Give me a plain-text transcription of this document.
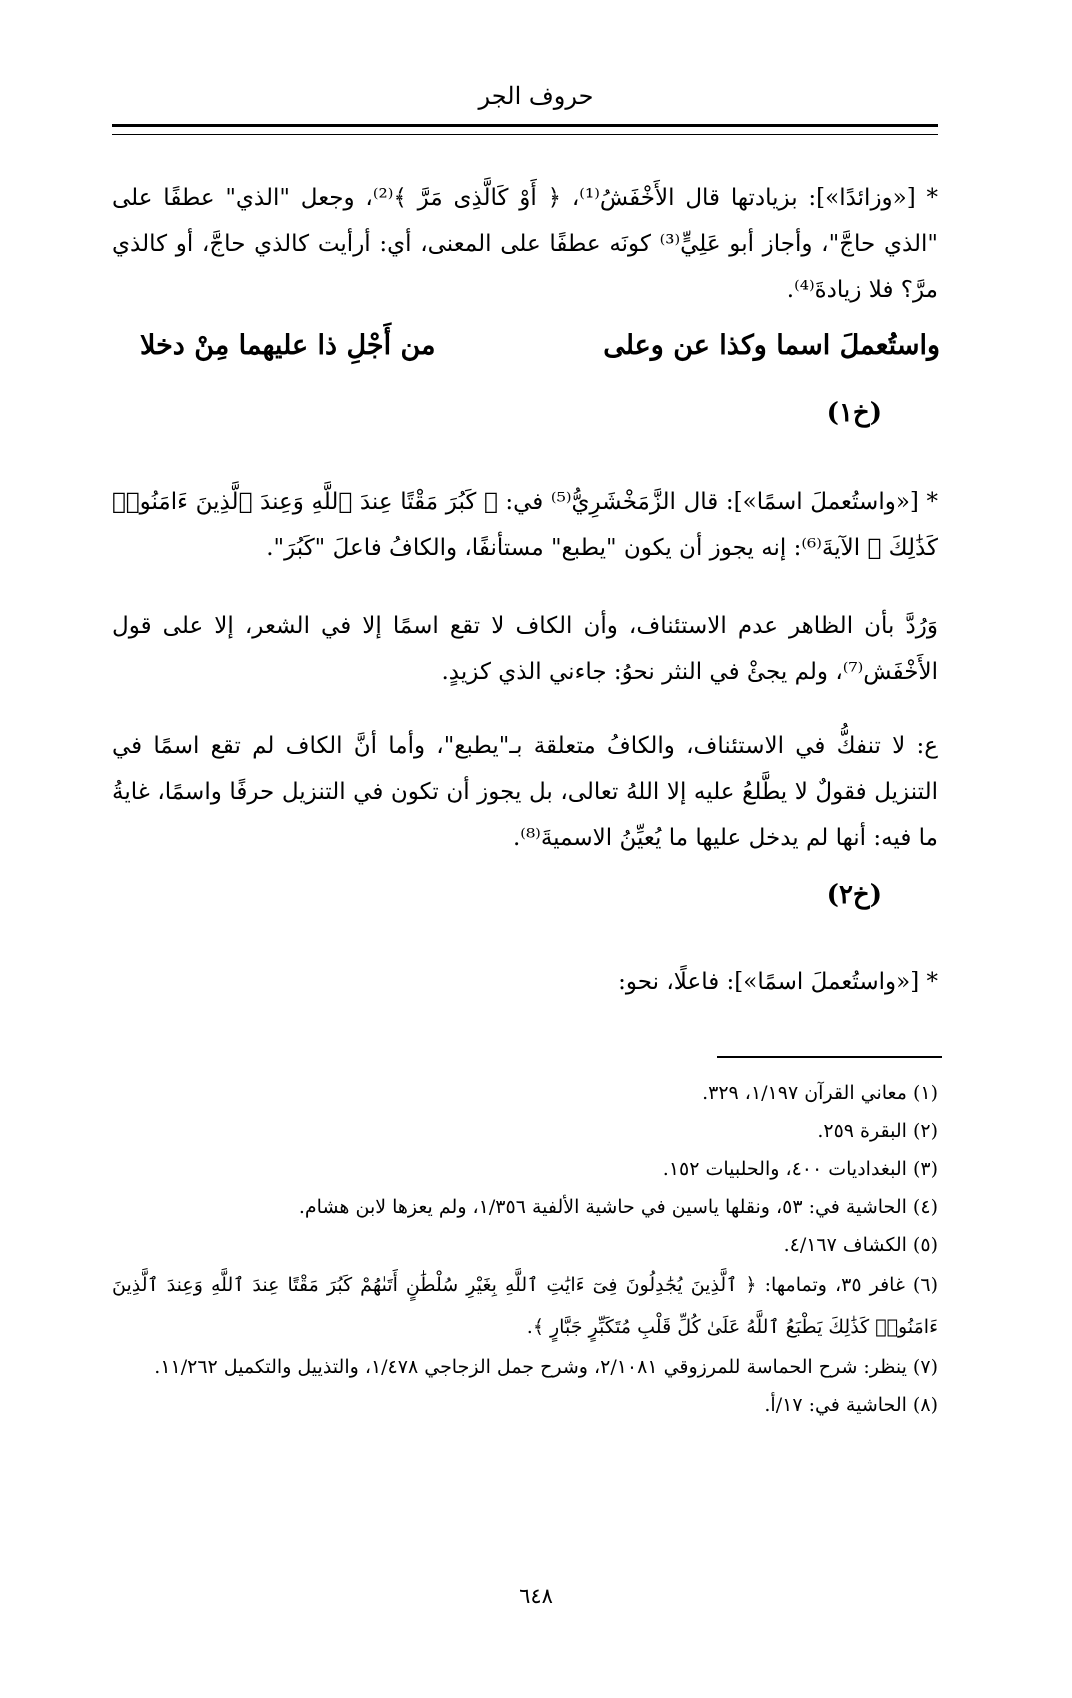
حروف الجر

* [«وزائدًا»]: بزيادتها قال الأَخْفَشُ⁽¹⁾، ﴿ أَوْ كَالَّذِى مَرَّ ﴾⁽²⁾، وجعل "الذي" عطفًا على "الذي حاجَّ"، وأجاز أبو عَلِيٍّ⁽³⁾ كونَه عطفًا على المعنى، أي: أرأيت كالذي حاجَّ، أو كالذي مرَّ؟ فلا زيادةَ⁽⁴⁾.

واستُعملَ اسما وكذا عن وعلى
من أَجْلِ ذا عليهما مِنْ دخلا
(خ١)

* [«واستُعملَ اسمًا»]: قال الزَّمَخْشَرِيُّ⁽⁵⁾ في: ﴿ كَبُرَ مَقْتًا عِندَ ٱللَّهِ وَعِندَ ٱلَّذِينَ ءَامَنُوا۟ كَذَٰلِكَ ﴾ الآيةَ⁽⁶⁾: إنه يجوز أن يكون "يطبع" مستأنفًا، والكافُ فاعلَ "كَبُرَ".

وَرُدَّ بأن الظاهر عدم الاستئناف، وأن الكاف لا تقع اسمًا إلا في الشعر، إلا على قول الأَخْفَش⁽⁷⁾، ولم يجئْ في النثر نحوُ: جاءني الذي كزيدٍ.

ع: لا تنفكُّ في الاستئناف، والكافُ متعلقة بـ"يطبع"، وأما أنَّ الكاف لم تقع اسمًا في التنزيل فقولٌ لا يطَّلعُ عليه إلا اللهُ تعالى، بل يجوز أن تكون في التنزيل حرفًا واسمًا، غايةُ ما فيه: أنها لم يدخل عليها ما يُعيِّنُ الاسميةَ⁽⁸⁾.

(خ٢)

* [«واستُعملَ اسمًا»]: فاعلًا، نحو:

(١) معاني القرآن ١/١٩٧، ٣٢٩.

(٢) البقرة ٢٥٩.

(٣) البغداديات ٤٠٠، والحلبيات ١٥٢.

(٤) الحاشية في: ٥٣، ونقلها ياسين في حاشية الألفية ١/٣٥٦، ولم يعزها لابن هشام.

(٥) الكشاف ٤/١٦٧.

(٦) غافر ٣٥، وتمامها: ﴿ ٱلَّذِينَ يُجَٰدِلُونَ فِىٓ ءَايَٰتِ ٱللَّهِ بِغَيْرِ سُلْطَٰنٍ أَتَىٰهُمْ كَبُرَ مَقْتًا عِندَ ٱللَّهِ وَعِندَ ٱلَّذِينَ ءَامَنُوا۟ كَذَٰلِكَ يَطْبَعُ ٱللَّهُ عَلَىٰ كُلِّ قَلْبِ مُتَكَبِّرٍ جَبَّارٍ ﴾.

(٧) ينظر: شرح الحماسة للمرزوقي ٢/١٠٨١، وشرح جمل الزجاجي ١/٤٧٨، والتذييل والتكميل ١١/٢٦٢.

(٨) الحاشية في: ١٧/أ.

٦٤٨
